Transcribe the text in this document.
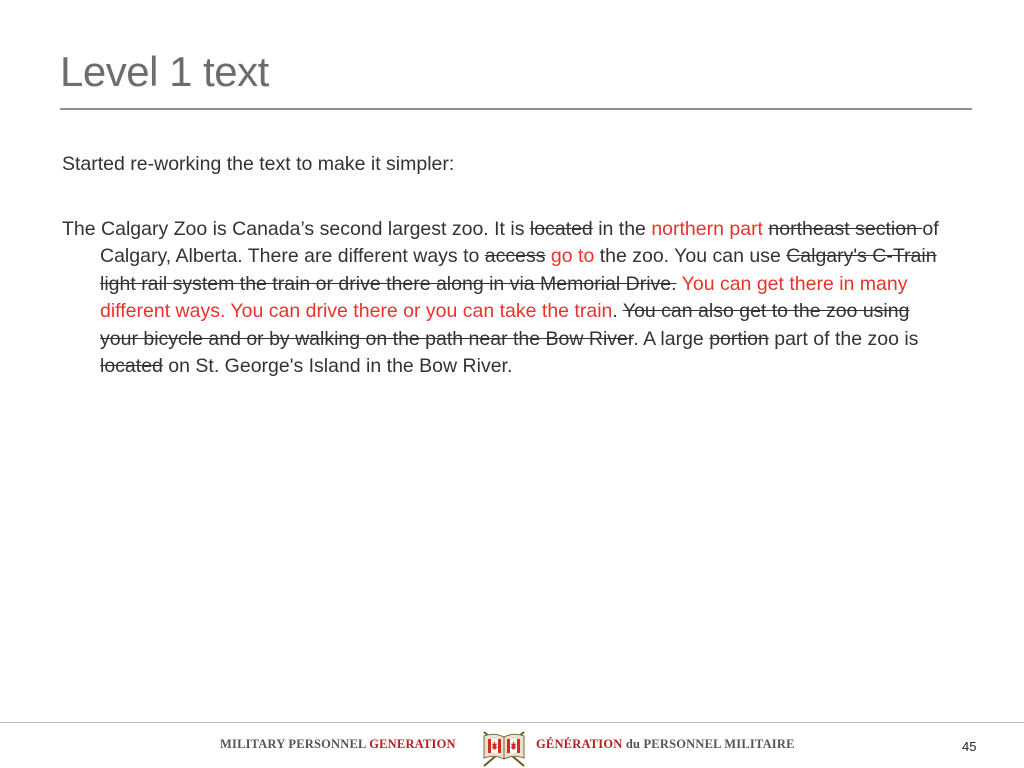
Level 1 text

Started re-working the text to make it simpler:

The Calgary Zoo is Canada’s second largest zoo. It is located in the northern part northeast section of Calgary, Alberta. There are different ways to access go to the zoo. You can use Calgary's C-Train light rail system the train or drive there along in via Memorial Drive. You can get there in many different ways. You can drive there or you can take the train. You can also get to the zoo using your bicycle and or by walking on the path near the Bow River. A large portion part of the zoo is located on St. George's Island in the Bow River.

MILITARY PERSONNEL GENERATION	GÉNÉRATION du PERSONNEL MILITAIRE	45
